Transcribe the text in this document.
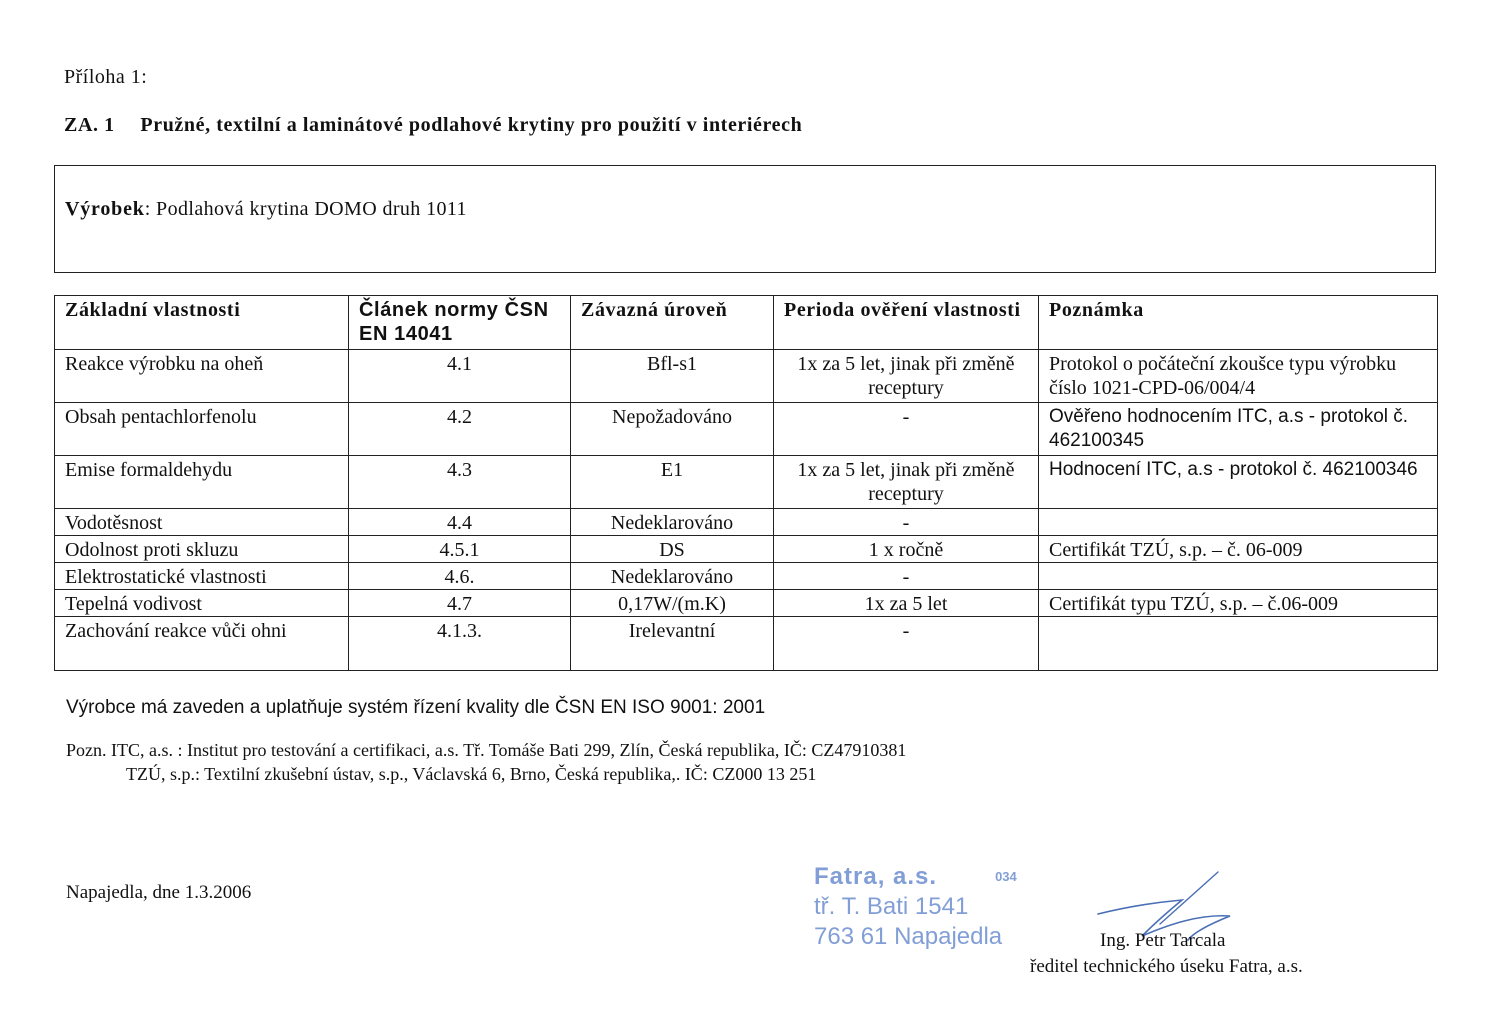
Příloha 1:
ZA. 1 Pružné, textilní a laminátové podlahové krytiny pro použití v interiérech
Výrobek: Podlahová krytina DOMO druh 1011
Základní vlastnosti	Článek normy ČSN EN 14041	Závazná úroveň	Perioda ověření vlastnosti	Poznámka
Reakce výrobku na oheň	4.1	Bfl-s1	1x za 5 let, jinak při změně receptury	Protokol o počáteční zkoušce typu výrobku číslo 1021-CPD-06/004/4
Obsah pentachlorfenolu	4.2	Nepožadováno	-	Ověřeno hodnocením ITC, a.s - protokol č. 462100345
Emise formaldehydu	4.3	E1	1x za 5 let, jinak při změně receptury	Hodnocení ITC, a.s - protokol č. 462100346
Vodotěsnost	4.4	Nedeklarováno	-	
Odolnost proti skluzu	4.5.1	DS	1 x ročně	Certifikát TZÚ, s.p. – č. 06-009
Elektrostatické vlastnosti	4.6.	Nedeklarováno	-	
Tepelná vodivost	4.7	0,17W/(m.K)	1x za 5 let	Certifikát typu TZÚ, s.p. – č.06-009
Zachování reakce vůči ohni	4.1.3.	Irelevantní	-	
Výrobce má zaveden a uplatňuje systém řízení kvality dle ČSN EN ISO 9001: 2001
Pozn. ITC, a.s. : Institut pro testování a certifikaci, a.s. Tř. Tomáše Bati 299, Zlín, Česká republika, IČ: CZ47910381
TZÚ, s.p.: Textilní zkušební ústav, s.p., Václavská 6, Brno, Česká republika,. IČ: CZ000 13 251
Napajedla, dne 1.3.2006
Fatra, a.s.	$^{034}$
tř. T. Bati 1541
763 61 Napajedla	Ing. Petr Tarcala
ředitel technického úseku Fatra, a.s.
